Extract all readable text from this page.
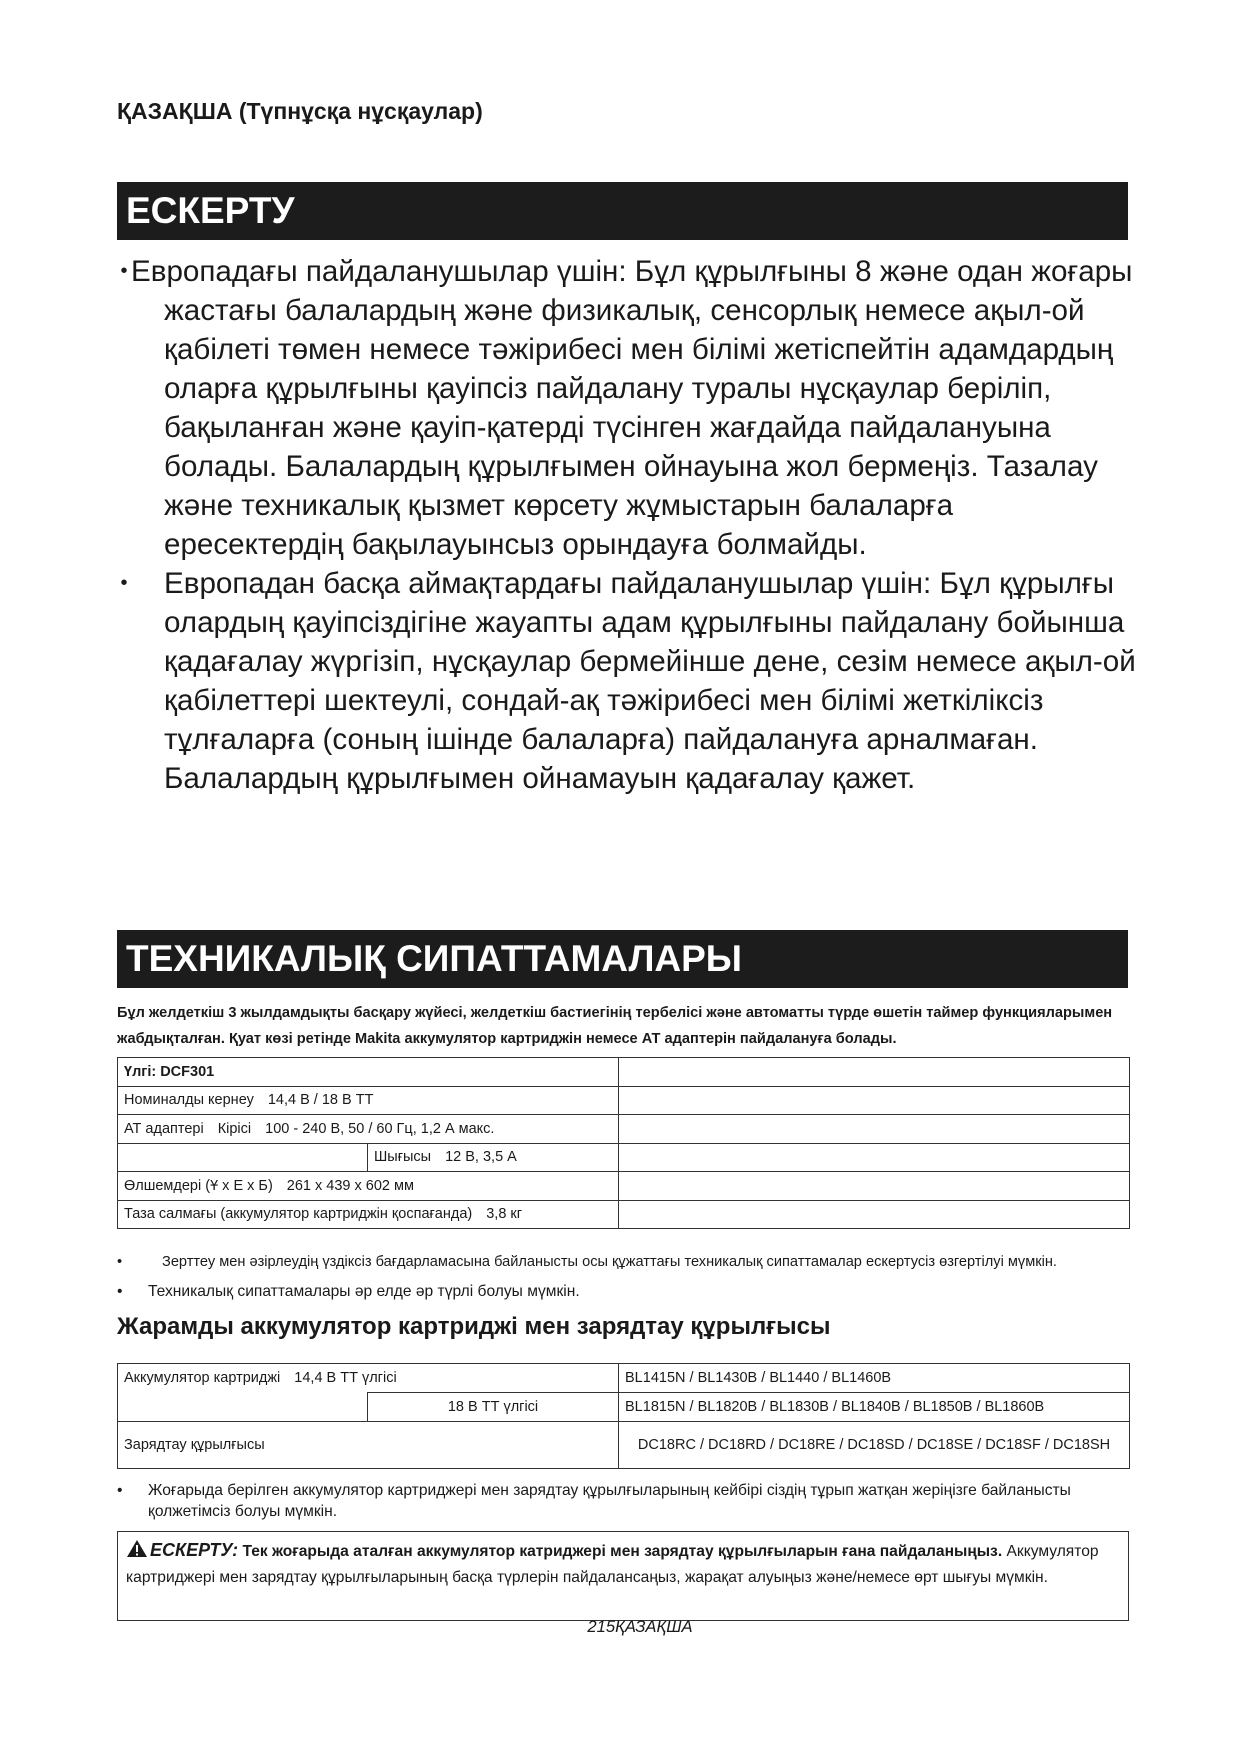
ҚАЗАҚША (Түпнұсқа нұсқаулар)
ЕСКЕРТУ
• Европадағы пайдаланушылар үшін: Бұл құрылғыны 8 және одан жоғары жастағы балалардың және физикалық, сенсорлық немесе ақыл-ой қабілеті төмен немесе тәжірибесі мен білімі жетіспейтін адамдардың оларға құрылғыны қауіпсіз пайдалану туралы нұсқаулар беріліп, бақыланған және қауіп-қатерді түсінген жағдайда пайдалануына болады. Балалардың құрылғымен ойнауына жол бермеңіз. Тазалау және техникалық қызмет көрсету жұмыстарын балаларға ересектердің бақылауынсыз орындауға болмайды.
• Европадан басқа аймақтардағы пайдаланушылар үшін: Бұл құрылғы олардың қауіпсіздігіне жауапты адам құрылғыны пайдалану бойынша қадағалау жүргізіп, нұсқаулар бермейінше дене, сезім немесе ақыл-ой қабілеттері шектеулі, сондай-ақ тәжірибесі мен білімі жеткіліксіз тұлғаларға (соның ішінде балаларға) пайдалануға арналмаған. Балалардың құрылғымен ойнамауын қадағалау қажет.
ТЕХНИКАЛЫҚ СИПАТТАМАЛАРЫ
Бұл желдеткіш 3 жылдамдықты басқару жүйесі, желдеткіш бастиегінің тербелісі және автоматты түрде өшетін таймер функцияларымен жабдықталған. Қуат көзі ретінде Makita аккумулятор картриджін немесе АТ адаптерін пайдалануға болады.
Үлгі: DCF301		
Номиналды кернеу 14,4 В / 18 В ТТ		
АТ адаптері Кірісі 100 - 240 В, 50 / 60 Гц, 1,2 А макс.		
	Шығысы 12 В, 3,5 А	
Өлшемдері (Ұ x Е x Б) 261 x 439 x 602 мм		
Таза салмағы (аккумулятор картриджін қоспағанда) 3,8 кг		
•	Зерттеу мен әзірлеудің үздіксіз бағдарламасына байланысты осы құжаттағы техникалық сипаттамалар ескертусіз өзгертілуі мүмкін.
• Техникалық сипаттамалары әр елде әр түрлі болуы мүмкін.
Жарамды аккумулятор картриджі мен зарядтау құрылғысы
Аккумулятор картриджі 14,4 В ТТ үлгісі		BL1415N / BL1430B / BL1440 / BL1460B
	18 В ТТ үлгісі	BL1815N / BL1820B / BL1830B / BL1840B / BL1850B / BL1860B
Зарядтау құрылғысы		DC18RC / DC18RD / DC18RE / DC18SD / DC18SE / DC18SF / DC18SH
• Жоғарыда берілген аккумулятор картриджері мен зарядтау құрылғыларының кейбірі сіздің тұрып жатқан жеріңізге байланысты қолжетімсіз болуы мүмкін.
ЕСКЕРТУ: Тек жоғарыда аталған аккумулятор катриджері мен зарядтау құрылғыларын ғана пайдаланыңыз. Аккумулятор картриджері мен зарядтау құрылғыларының басқа түрлерін пайдалансаңыз, жарақат алуыңыз және/немесе өрт шығуы мүмкін.
215ҚАЗАҚША
